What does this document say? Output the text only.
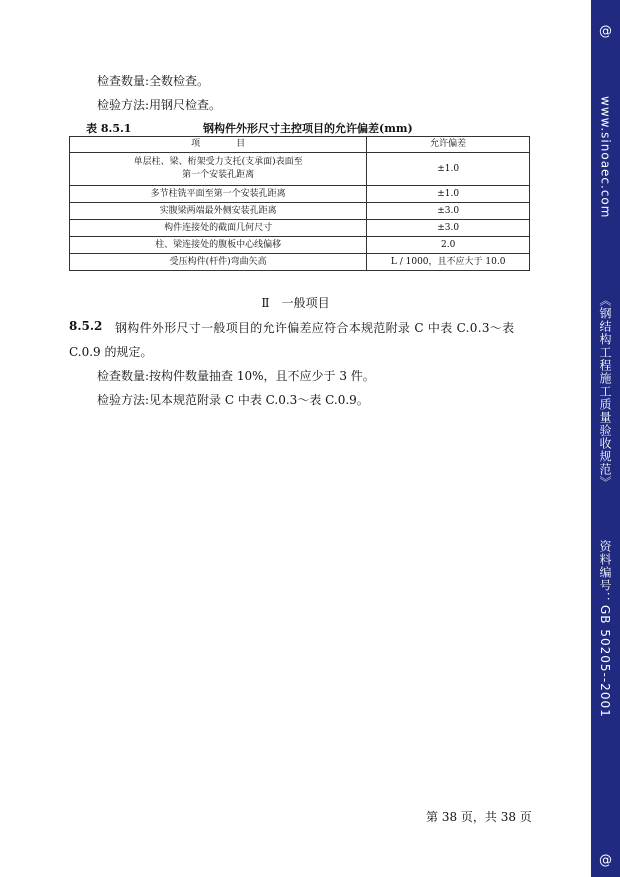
检查数量:全数检查。
检验方法:用钢尺检查。
表 8.5.1	钢构件外形尺寸主控项目的允许偏差(mm)
项　　　　目	允许偏差

单层柱、梁、桁架受力支托(支承面)表面至
第一个安装孔距离	±1.0
多节柱铣平面至第一个安装孔距离	±1.0
实腹梁两端最外侧安装孔距离	±3.0
构件连接处的截面几何尺寸	±3.0
柱、梁连接处的腹板中心线偏移	2.0
受压构件(杆件)弯曲矢高	L / 1000，且不应大于 10.0
Ⅱ　一般项目
8.5.2 钢构件外形尺寸一般项目的允许偏差应符合本规范附录 C 中表 C.0.3～表
C.0.9 的规定。
检查数量:按构件数量抽查 10%，且不应少于 3 件。
检验方法:见本规范附录 C 中表 C.0.3～表 C.0.9。
第 38 页，共 38 页
@
www.sinoaec.com
《钢结构工程施工质量验收规范》
资料编号：GB 50205--2001
@
